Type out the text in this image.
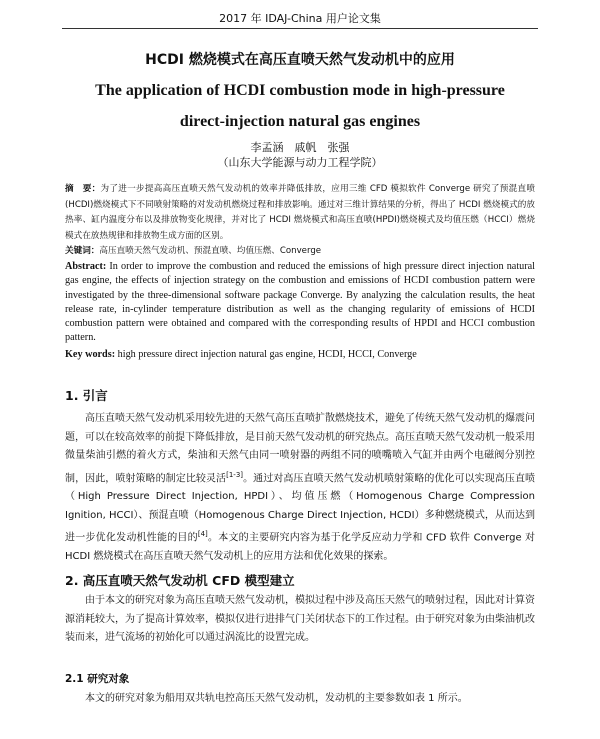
2017 年 IDAJ-China 用户论文集
HCDI 燃烧模式在高压直喷天然气发动机中的应用
The application of HCDI combustion mode in high-pressure
direct-injection natural gas engines
李孟涵　戚帆　张强
（山东大学能源与动力工程学院）
摘　要：为了进一步提高高压直喷天然气发动机的效率并降低排放，应用三维 CFD 模拟软件 Converge 研究了预混直喷(HCDI)燃烧模式下不同喷射策略的对发动机燃烧过程和排放影响。通过对三维计算结果的分析，得出了 HCDI 燃烧模式的放热率、缸内温度分布以及排放物变化规律，并对比了 HCDI 燃烧模式和高压直喷(HPDI)燃烧模式及均值压燃（HCCI）燃烧模式在放热规律和排放物生成方面的区别。
关键词：高压直喷天然气发动机、预混直喷、均值压燃、Converge
Abstract: In order to improve the combustion and reduced the emissions of high pressure direct injection natural gas engine, the effects of injection strategy on the combustion and emissions of HCDI combustion pattern were investigated by the three-dimensional software package Converge. By analyzing the calculation results, the heat release rate, in-cylinder temperature distribution as well as the changing regularity of emissions of HCDI combustion pattern were obtained and compared with the corresponding results of HPDI and HCCI combustion pattern.
Key words: high pressure direct injection natural gas engine, HCDI, HCCI, Converge
1. 引言
高压直喷天然气发动机采用较先进的天然气高压直喷扩散燃烧技术，避免了传统天然气发动机的爆震问题，可以在较高效率的前提下降低排放，是目前天然气发动机的研究热点。高压直喷天然气发动机一般采用微量柴油引燃的着火方式，柴油和天然气由同一喷射器的两组不同的喷嘴喷入气缸并由两个电磁阀分别控制，因此，喷射策略的制定比较灵活[1-3]。通过对高压直喷天然气发动机喷射策略的优化可以实现高压直喷（High Pressure Direct Injection, HPDI）、均值压燃（Homogenous Charge Compression Ignition, HCCI）、预混直喷（Homogenous Charge Direct Injection, HCDI）多种燃烧模式，从而达到进一步优化发动机性能的目的[4]。本文的主要研究内容为基于化学反应动力学和 CFD 软件 Converge 对 HCDI 燃烧模式在高压直喷天然气发动机上的应用方法和优化效果的探索。
2. 高压直喷天然气发动机 CFD 模型建立
由于本文的研究对象为高压直喷天然气发动机，模拟过程中涉及高压天然气的喷射过程，因此对计算资源消耗较大，为了提高计算效率，模拟仅进行进排气门关闭状态下的工作过程。由于研究对象为由柴油机改装而来，进气流场的初始化可以通过涡流比的设置完成。
2.1 研究对象
本文的研究对象为船用双共轨电控高压天然气发动机，发动机的主要参数如表 1 所示。
